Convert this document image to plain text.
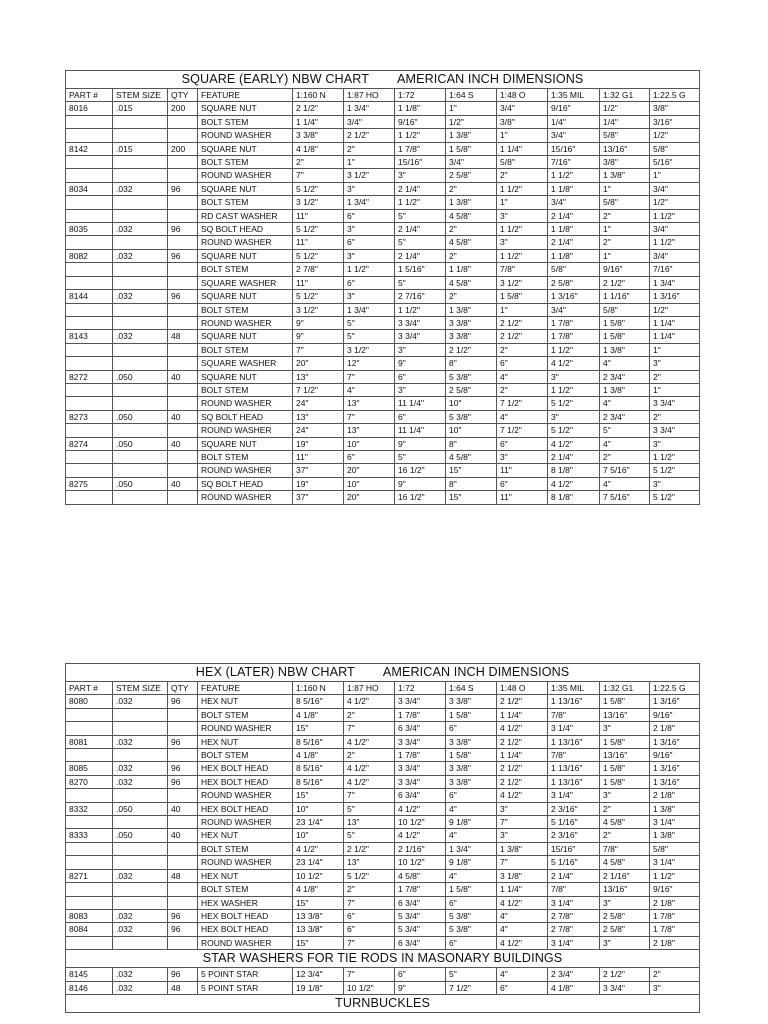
SQUARE (EARLY) NBW CHART AMERICAN INCH DIMENSIONS											
PART #	STEM SIZE	QTY	FEATURE	1:160 N	1:87 HO	1:72	1:64 S	1:48 O	1:35 MIL	1:32 G1	1:22.5 G
8016	.015	200	SQUARE NUT	2 1/2"	1 3/4"	1 1/8"	1"	3/4"	9/16"	1/2"	3/8"
			BOLT STEM	1 1/4"	3/4"	9/16"	1/2"	3/8"	1/4"	1/4"	3/16"
			ROUND WASHER	3 3/8"	2 1/2"	1 1/2"	1 3/8"	1"	3/4"	5/8"	1/2"
8142	.015	200	SQUARE NUT	4 1/8"	2"	1 7/8"	1 5/8"	1 1/4"	15/16"	13/16"	5/8"
			BOLT STEM	2"	1"	15/16"	3/4"	5/8"	7/16"	3/8"	5/16"
			ROUND WASHER	7"	3 1/2"	3"	2 5/8"	2"	1 1/2"	1 3/8"	1"
8034	.032	96	SQUARE NUT	5 1/2"	3"	2 1/4"	2"	1 1/2"	1 1/8"	1"	3/4"
			BOLT STEM	3 1/2"	1 3/4"	1 1/2"	1 3/8"	1"	3/4"	5/8"	1/2"
			RD CAST WASHER	11"	6"	5"	4 5/8"	3"	2 1/4"	2"	1 1/2"
8035	.032	96	SQ BOLT HEAD	5 1/2"	3"	2 1/4"	2"	1 1/2"	1 1/8"	1"	3/4"
			ROUND WASHER	11"	6"	5"	4 5/8"	3"	2 1/4"	2"	1 1/2"
8082	.032	96	SQUARE NUT	5 1/2"	3"	2 1/4"	2"	1 1/2"	1 1/8"	1"	3/4"
			BOLT STEM	2 7/8"	1 1/2"	1 5/16"	1 1/8"	7/8"	5/8"	9/16"	7/16"
			SQUARE WASHER	11"	6"	5"	4 5/8"	3 1/2"	2 5/8"	2 1/2"	1 3/4"
8144	.032	96	SQUARE NUT	5 1/2"	3"	2 7/16"	2"	1 5/8"	1 3/16"	1 1/16"	1 3/16"
			BOLT STEM	3 1/2"	1 3/4"	1 1/2"	1 3/8"	1"	3/4"	5/8"	1/2"
			ROUND WASHER	9"	5"	3 3/4"	3 3/8"	2 1/2"	1 7/8"	1 5/8"	1 1/4"
8143	.032	48	SQUARE NUT	9"	5"	3 3/4"	3 3/8"	2 1/2"	1 7/8"	1 5/8"	1 1/4"
			BOLT STEM	7"	3 1/2"	3"	2 1/2"	2"	1 1/2"	1 3/8"	1"
			SQUARE WASHER	20"	12"	9"	8"	6"	4 1/2"	4"	3"
8272	.050	40	SQUARE NUT	13"	7"	6"	5 3/8"	4"	3"	2 3/4"	2"
			BOLT STEM	7 1/2"	4"	3"	2 5/8"	2"	1 1/2"	1 3/8"	1"
			ROUND WASHER	24"	13"	11 1/4"	10"	7 1/2"	5 1/2"	4"	3 3/4"
8273	.050	40	SQ BOLT HEAD	13"	7"	6"	5 3/8"	4"	3"	2 3/4"	2"
			ROUND WASHER	24"	13"	11 1/4"	10"	7 1/2"	5 1/2"	5"	3 3/4"
8274	.050	40	SQUARE NUT	19"	10"	9"	8"	6"	4 1/2"	4"	3"
			BOLT STEM	11"	6"	5"	4 5/8"	3"	2 1/4"	2"	1 1/2"
			ROUND WASHER	37"	20"	16 1/2"	15"	11"	8 1/8"	7 5/16"	5 1/2"
8275	.050	40	SQ BOLT HEAD	19"	10"	9"	8"	6"	4 1/2"	4"	3"
			ROUND WASHER	37"	20"	16 1/2"	15"	11"	8 1/8"	7 5/16"	5 1/2"
HEX (LATER) NBW CHART AMERICAN INCH DIMENSIONS											
PART #	STEM SIZE	QTY	FEATURE	1:160 N	1:87 HO	1:72	1:64 S	1:48 O	1:35 MIL	1:32 G1	1:22.5 G
8080	.032	96	HEX NUT	8 5/16"	4 1/2"	3 3/4"	3 3/8"	2 1/2"	1 13/16"	1 5/8"	1 3/16"
			BOLT STEM	4 1/8"	2"	1 7/8"	1 5/8"	1 1/4"	7/8"	13/16"	9/16"
			ROUND WASHER	15"	7"	6 3/4"	6"	4 1/2"	3 1/4"	3"	2 1/8"
8081	.032	96	HEX NUT	8 5/16"	4 1/2"	3 3/4"	3 3/8"	2 1/2"	1 13/16"	1 5/8"	1 3/16"
			BOLT STEM	4 1/8"	2"	1 7/8"	1 5/8"	1 1/4"	7/8"	13/16"	9/16"
8085	.032	96	HEX BOLT HEAD	8 5/16"	4 1/2"	3 3/4"	3 3/8"	2 1/2"	1 13/16"	1 5/8"	1 3/16"
8270	.032	96	HEX BOLT HEAD	8 5/16"	4 1/2"	3 3/4"	3 3/8"	2 1/2"	1 13/16"	1 5/8"	1 3/16"
			ROUND WASHER	15"	7"	6 3/4"	6"	4 1/2"	3 1/4"	3"	2 1/8"
8332	.050	40	HEX BOLT HEAD	10"	5"	4 1/2"	4"	3"	2 3/16"	2"	1 3/8"
			ROUND WASHER	23 1/4"	13"	10 1/2"	9 1/8"	7"	5 1/16"	4 5/8"	3 1/4"
8333	.050	40	HEX NUT	10"	5"	4 1/2"	4"	3"	2 3/16"	2"	1 3/8"
			BOLT STEM	4 1/2"	2 1/2"	2 1/16"	1 3/4"	1 3/8"	15/16"	7/8"	5/8"
			ROUND WASHER	23 1/4"	13"	10 1/2"	9 1/8"	7"	5 1/16"	4 5/8"	3 1/4"
8271	.032	48	HEX NUT	10 1/2"	5 1/2"	4 5/8"	4"	3 1/8"	2 1/4"	2 1/16"	1 1/2"
			BOLT STEM	4 1/8"	2"	1 7/8"	1 5/8"	1 1/4"	7/8"	13/16"	9/16"
			HEX WASHER	15"	7"	6 3/4"	6"	4 1/2"	3 1/4"	3"	2 1/8"
8083	.032	96	HEX BOLT HEAD	13 3/8"	6"	5 3/4"	5 3/8"	4"	2 7/8"	2 5/8"	1 7/8"
8084	.032	96	HEX BOLT HEAD	13 3/8"	6"	5 3/4"	5 3/8"	4"	2 7/8"	2 5/8"	1 7/8"
			ROUND WASHER	15"	7"	6 3/4"	6"	4 1/2"	3 1/4"	3"	2 1/8"
STAR WASHERS FOR TIE RODS IN MASONARY BUILDINGS											
8145	.032	96	5 POINT STAR	12 3/4"	7"	6"	5"	4"	2 3/4"	2 1/2"	2"
8146	.032	48	5 POINT STAR	19 1/8"	10 1/2"	9"	7 1/2"	6"	4 1/8"	3 3/4"	3"
TURNBUCKLES											
